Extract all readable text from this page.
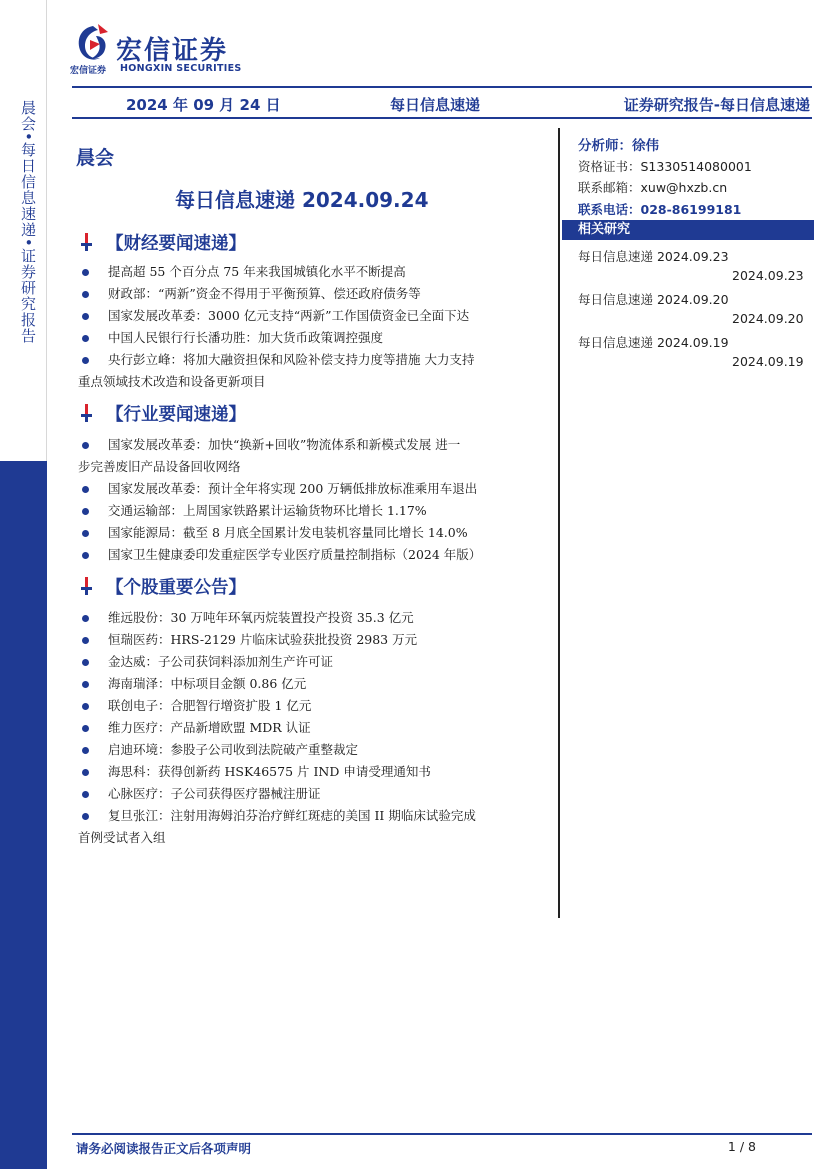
晨会•每日信息速递•证券研究报告
宏信证券
宏信证券 HONGXIN SECURITIES
2024 年 09 月 24 日	每日信息速递	证券研究报告-每日信息速递
晨会
每日信息速递 2024.09.24
【财经要闻速递】
提高超 55 个百分点 75 年来我国城镇化水平不断提高
财政部：“两新”资金不得用于平衡预算、偿还政府债务等
国家发展改革委：3000 亿元支持“两新”工作国债资金已全面下达
中国人民银行行长潘功胜：加大货币政策调控强度
央行彭立峰：将加大融资担保和风险补偿支持力度等措施 大力支持
重点领域技术改造和设备更新项目
【行业要闻速递】
国家发展改革委：加快“换新+回收”物流体系和新模式发展 进一
步完善废旧产品设备回收网络
国家发展改革委：预计全年将实现 200 万辆低排放标准乘用车退出
交通运输部：上周国家铁路累计运输货物环比增长 1.17%
国家能源局：截至 8 月底全国累计发电装机容量同比增长 14.0%
国家卫生健康委印发重症医学专业医疗质量控制指标（2024 年版）
【个股重要公告】
维远股份：30 万吨年环氧丙烷装置投产投资 35.3 亿元
恒瑞医药：HRS-2129 片临床试验获批投资 2983 万元
金达威：子公司获饲料添加剂生产许可证
海南瑞泽：中标项目金额 0.86 亿元
联创电子：合肥智行增资扩股 1 亿元
维力医疗：产品新增欧盟 MDR 认证
启迪环境：参股子公司收到法院破产重整裁定
海思科：获得创新药 HSK46575 片 IND 申请受理通知书
心脉医疗：子公司获得医疗器械注册证
复旦张江：注射用海姆泊芬治疗鲜红斑痣的美国 II 期临床试验完成
首例受试者入组
分析师：徐伟
资格证书：S1330514080001
联系邮箱：xuw@hxzb.cn
联系电话：028-86199181
相关研究
每日信息速递 2024.09.23
2024.09.23
每日信息速递 2024.09.20
2024.09.20
每日信息速递 2024.09.19
2024.09.19
请务必阅读报告正文后各项声明	1 / 8
